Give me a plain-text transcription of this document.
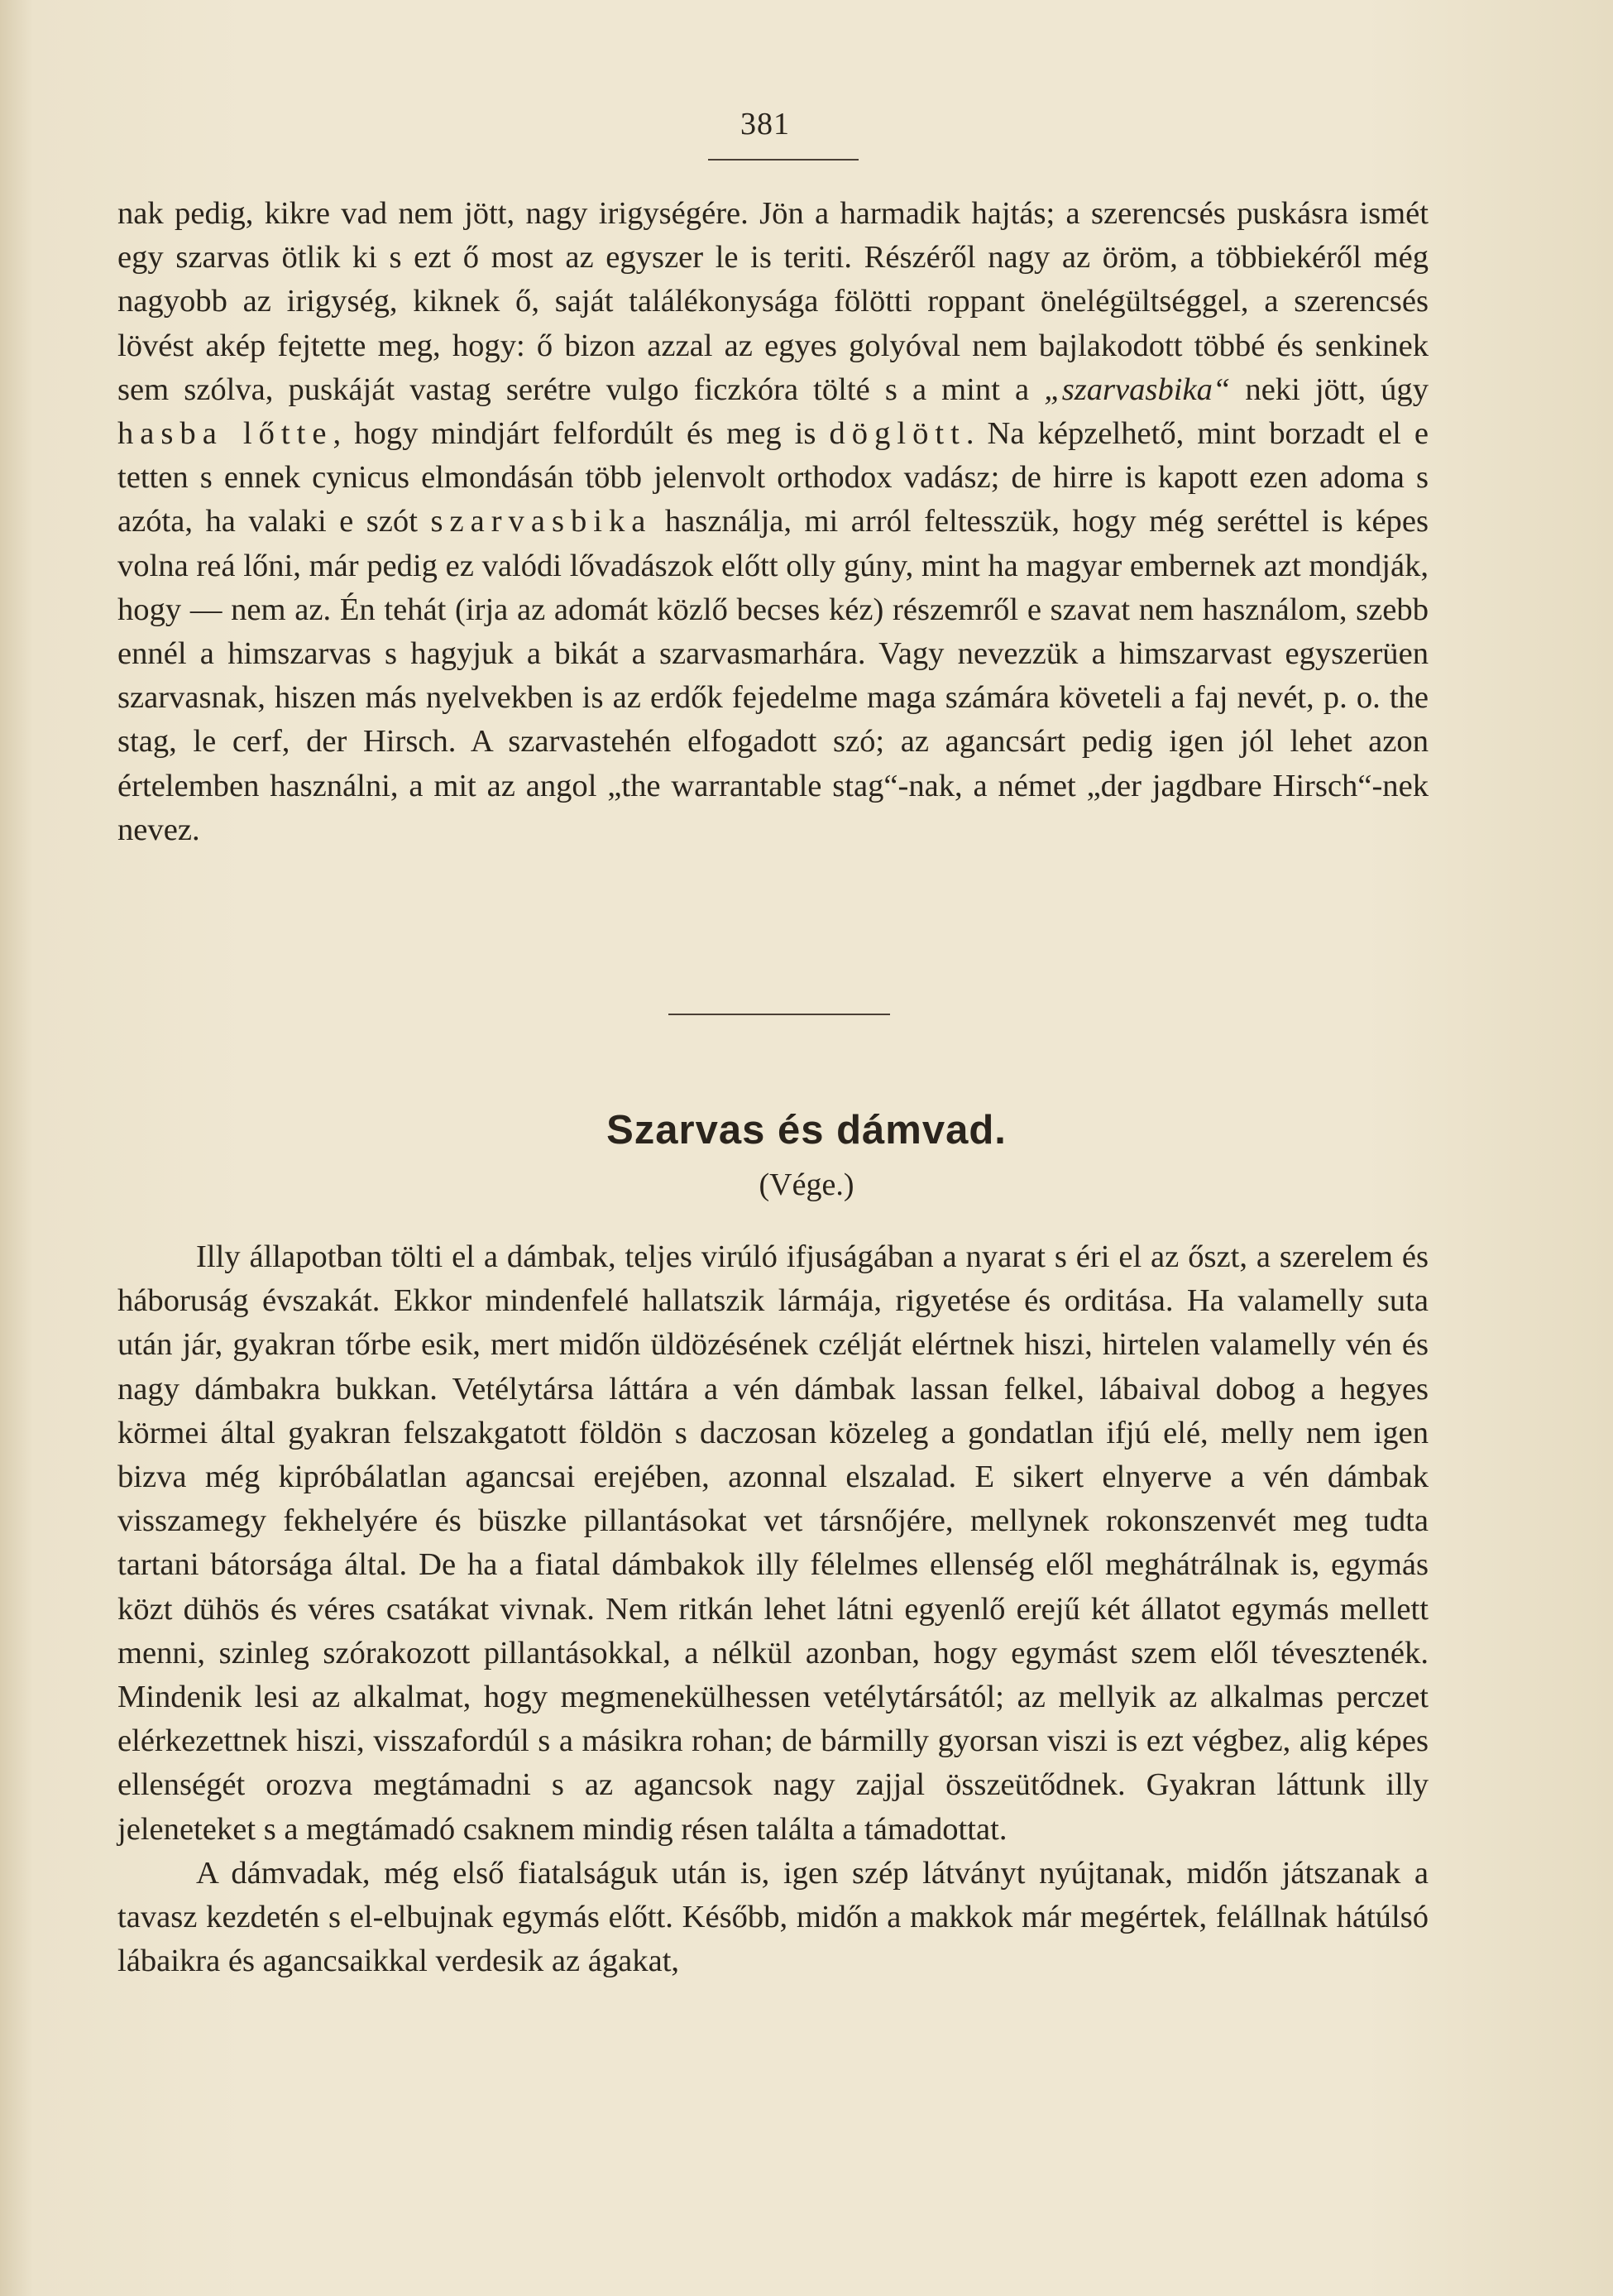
381

nak pedig, kikre vad nem jött, nagy irigységére. Jön a harmadik hajtás; a szerencsés puskásra ismét egy szarvas ötlik ki s ezt ő most az egyszer le is teriti. Részéről nagy az öröm, a többiekéről még nagyobb az irigység, kiknek ő, saját találékonysága fölötti roppant önelégültséggel, a szerencsés lövést akép fejtette meg, hogy: ő bizon azzal az egyes golyóval nem bajlakodott többé és senkinek sem szólva, puskáját vastag serétre vulgo ficzkóra tölté s a mint a „szarvasbika“ neki jött, úgy hasba lőtte, hogy mindjárt felfordúlt és meg is döglött. Na képzelhető, mint borzadt el e tetten s ennek cynicus elmondásán több jelenvolt orthodox vadász; de hirre is kapott ezen adoma s azóta, ha valaki e szót szarvasbika használja, mi arról feltesszük, hogy még seréttel is képes volna reá lőni, már pedig ez valódi lővadászok előtt olly gúny, mint ha magyar embernek azt mondják, hogy — nem az. Én tehát (irja az adomát közlő becses kéz) részemről e szavat nem használom, szebb ennél a himszarvas s hagyjuk a bikát a szarvasmarhára. Vagy nevezzük a himszarvast egyszerüen szarvasnak, hiszen más nyelvekben is az erdők fejedelme maga számára követeli a faj nevét, p. o. the stag, le cerf, der Hirsch. A szarvastehén elfogadott szó; az agancsárt pedig igen jól lehet azon értelemben használni, a mit az angol „the warrantable stag“-nak, a német „der jagdbare Hirsch“-nek nevez.

Szarvas és dámvad.
(Vége.)

Illy állapotban tölti el a dámbak, teljes virúló ifjuságában a nyarat s éri el az őszt, a szerelem és háboruság évszakát. Ekkor mindenfelé hallatszik lármája, rigyetése és orditása. Ha valamelly suta után jár, gyakran tőrbe esik, mert midőn üldözésének czélját elértnek hiszi, hirtelen valamelly vén és nagy dámbakra bukkan. Vetélytársa láttára a vén dámbak lassan felkel, lábaival dobog a hegyes körmei által gyakran felszakgatott földön s daczosan közeleg a gondatlan ifjú elé, melly nem igen bizva még kipróbálatlan agancsai erejében, azonnal elszalad. E sikert elnyerve a vén dámbak visszamegy fekhelyére és büszke pillantásokat vet társnőjére, mellynek rokonszenvét meg tudta tartani bátorsága által. De ha a fiatal dámbakok illy félelmes ellenség elől meghátrálnak is, egymás közt dühös és véres csatákat vivnak. Nem ritkán lehet látni egyenlő erejű két állatot egymás mellett menni, szinleg szórakozott pillantásokkal, a nélkül azonban, hogy egymást szem elől tévesztenék. Mindenik lesi az alkalmat, hogy megmenekülhessen vetélytársától; az mellyik az alkalmas perczet elérkezettnek hiszi, visszafordúl s a másikra rohan; de bármilly gyorsan viszi is ezt végbez, alig képes ellenségét orozva megtámadni s az agancsok nagy zajjal összeütődnek. Gyakran láttunk illy jeleneteket s a megtámadó csaknem mindig résen találta a támadottat.

A dámvadak, még első fiatalságuk után is, igen szép látványt nyújtanak, midőn játszanak a tavasz kezdetén s el-elbujnak egymás előtt. Később, midőn a makkok már megértek, felállnak hátúlsó lábaikra és agancsaikkal verdesik az ágakat,
